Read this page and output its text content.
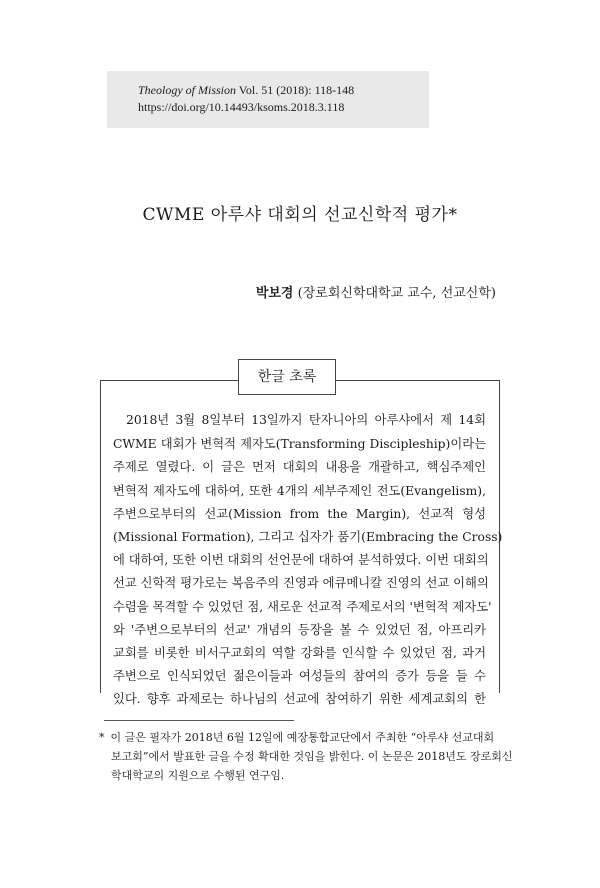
Theology of Mission Vol. 51 (2018): 118-148
https://doi.org/10.14493/ksoms.2018.3.118
CWME 아루샤 대회의 선교신학적 평가*
박보경 (장로회신학대학교 교수, 선교신학)
한글 초록
2018년 3월 8일부터 13일까지 탄자니아의 아루샤에서 제 14회
CWME 대회가 변혁적 제자도(Transforming Discipleship)이라는
주제로 열렸다. 이 글은 먼저 대회의 내용을 개괄하고, 핵심주제인
변혁적 제자도에 대하여, 또한 4개의 세부주제인 전도(Evangelism),
주변으로부터의 선교(Mission from the Margin), 선교적 형성
(Missional Formation), 그리고 십자가 품기(Embracing the Cross)
에 대하여, 또한 이번 대회의 선언문에 대하여 분석하였다. 이번 대회의
선교 신학적 평가로는 복음주의 진영과 에큐메니칼 진영의 선교 이해의
수렴을 목격할 수 있었던 점, 새로운 선교적 주제로서의 '변혁적 제자도'
와 '주변으로부터의 선교' 개념의 등장을 볼 수 있었던 점, 아프리카
교회를 비롯한 비서구교회의 역할 강화를 인식할 수 있었던 점, 과거
주변으로 인식되었던 젊은이들과 여성들의 참여의 증가 등을 들 수
있다. 향후 과제로는 하나님의 선교에 참여하기 위한 세계교회의 한
* 이 글은 필자가 2018년 6월 12일에 예장통합교단에서 주최한 “아루샤 선교대회
보고회”에서 발표한 글을 수정 확대한 것임을 밝힌다. 이 논문은 2018년도 장로회신
학대학교의 지원으로 수행된 연구임.
